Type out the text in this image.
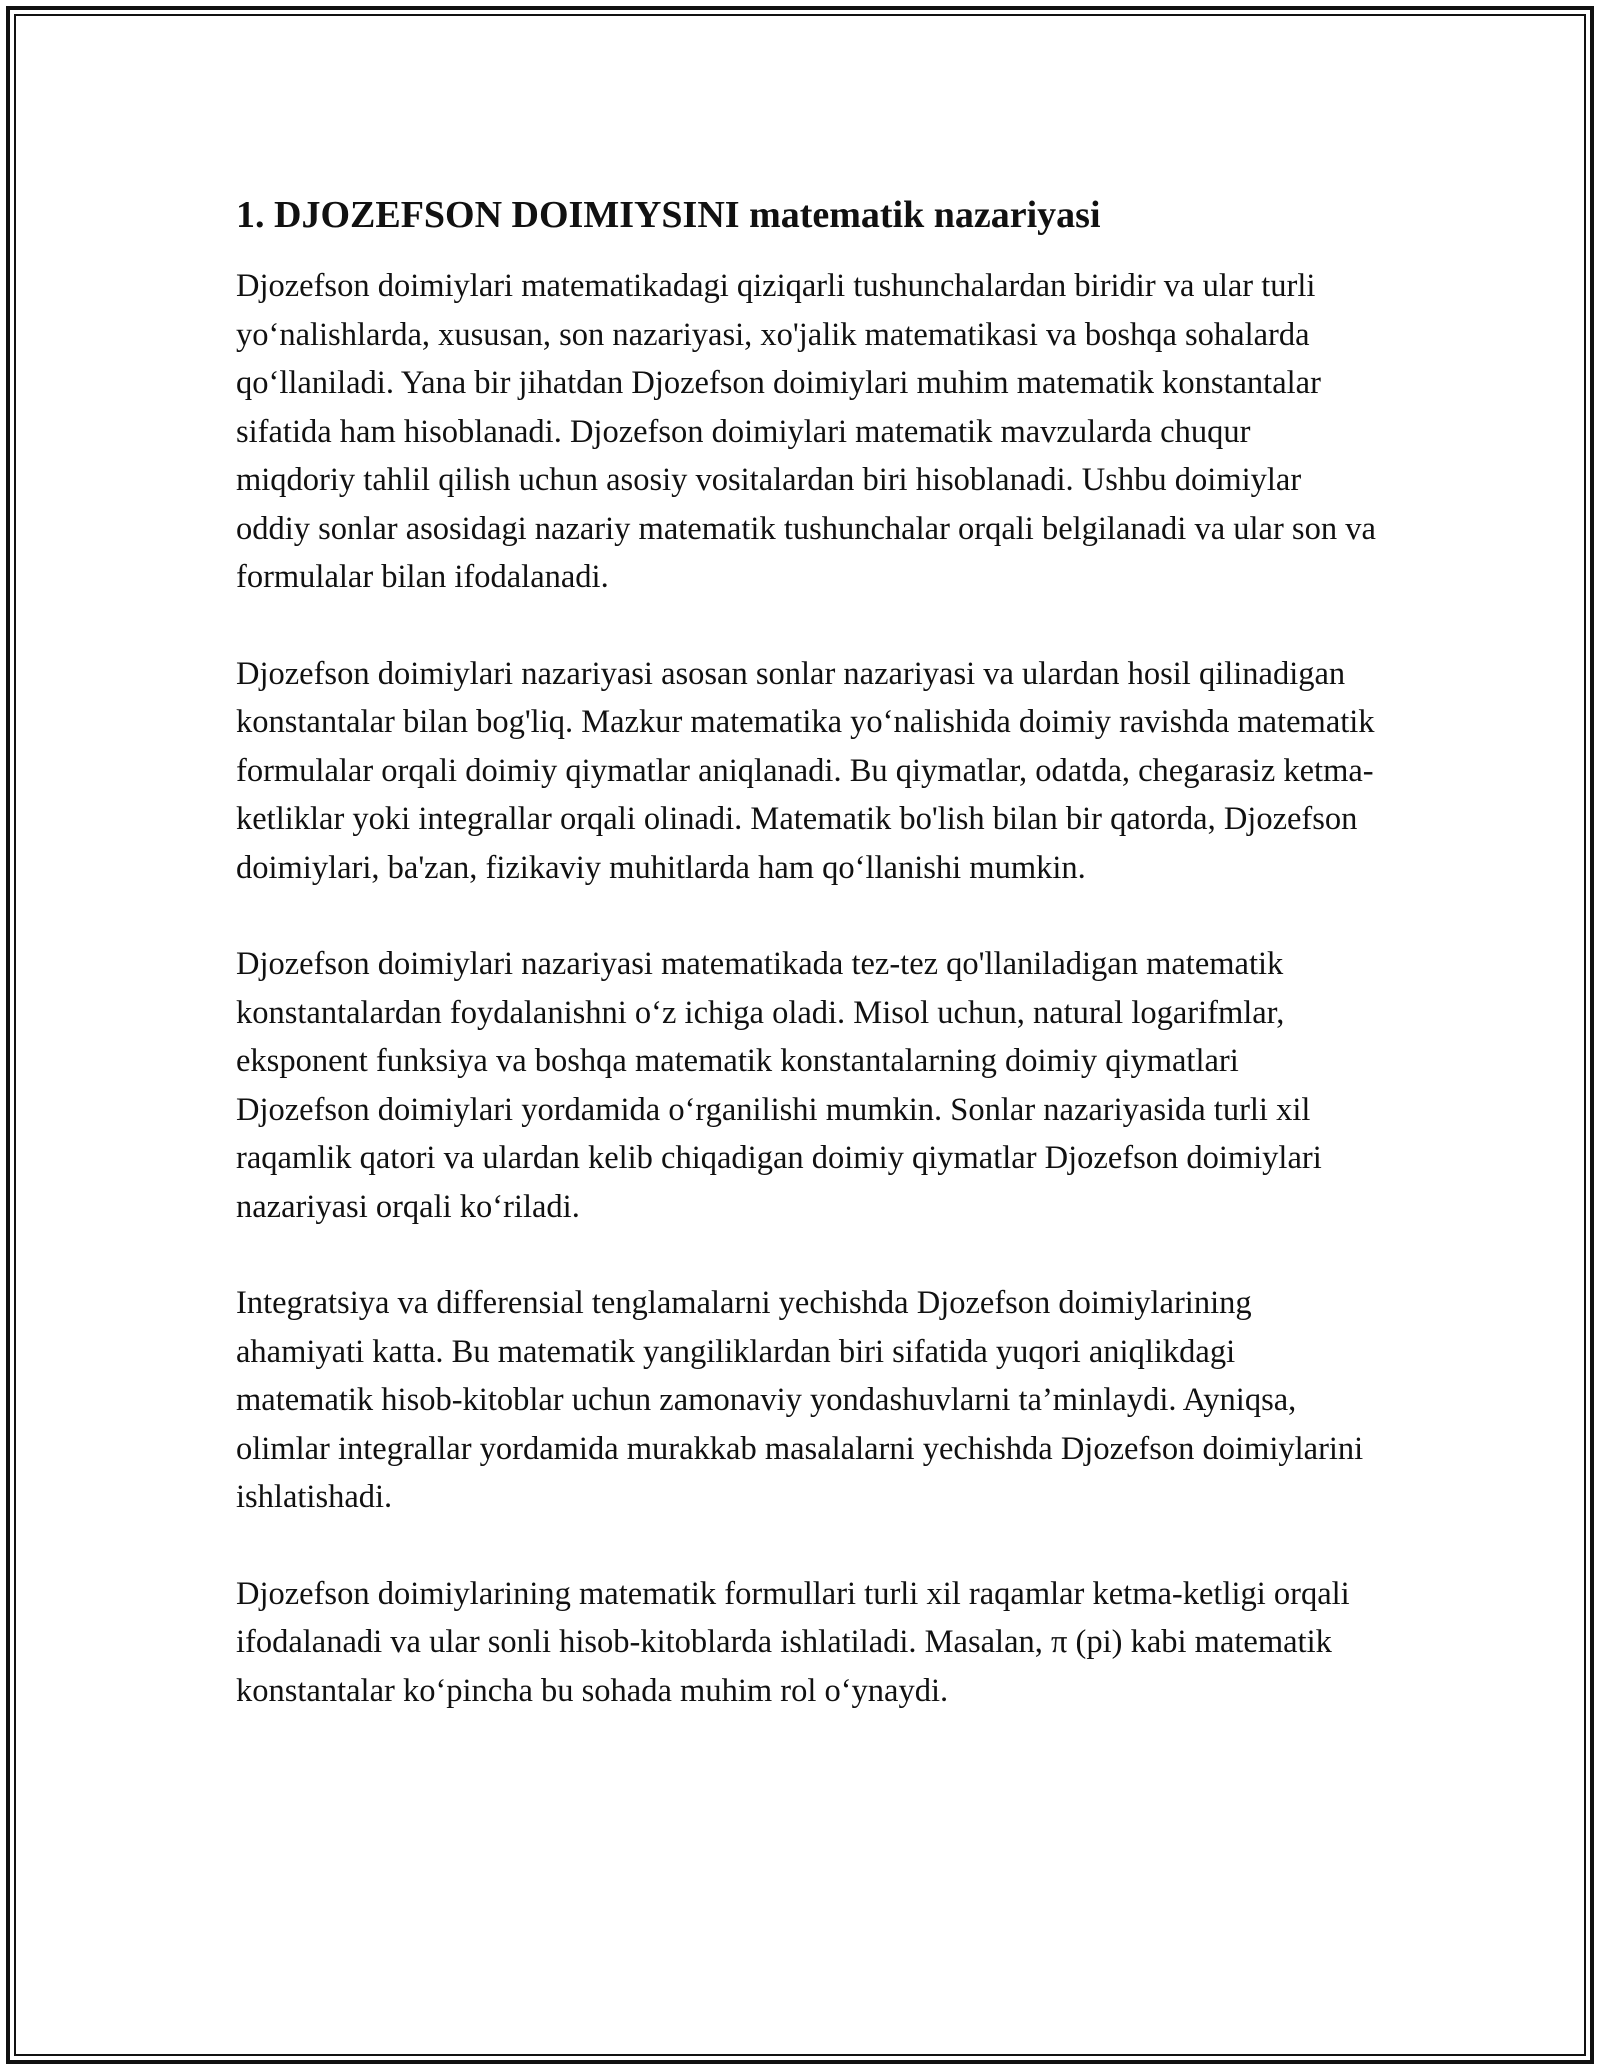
1. DJOZEFSON DOIMIYSINI matematik nazariyasi

Djozefson doimiylari matematikadagi qiziqarli tushunchalardan biridir va ular turli yo‘nalishlarda, xususan, son nazariyasi, xo'jalik matematikasi va boshqa sohalarda qo‘llaniladi. Yana bir jihatdan Djozefson doimiylari muhim matematik konstantalar sifatida ham hisoblanadi. Djozefson doimiylari matematik mavzularda chuqur miqdoriy tahlil qilish uchun asosiy vositalardan biri hisoblanadi. Ushbu doimiylar oddiy sonlar asosidagi nazariy matematik tushunchalar orqali belgilanadi va ular son va formulalar bilan ifodalanadi.

Djozefson doimiylari nazariyasi asosan sonlar nazariyasi va ulardan hosil qilinadigan konstantalar bilan bog'liq. Mazkur matematika yo‘nalishida doimiy ravishda matematik formulalar orqali doimiy qiymatlar aniqlanadi. Bu qiymatlar, odatda, chegarasiz ketma-ketliklar yoki integrallar orqali olinadi. Matematik bo'lish bilan bir qatorda, Djozefson doimiylari, ba'zan, fizikaviy muhitlarda ham qo‘llanishi mumkin.

Djozefson doimiylari nazariyasi matematikada tez-tez qo'llaniladigan matematik konstantalardan foydalanishni o‘z ichiga oladi. Misol uchun, natural logarifmlar, eksponent funksiya va boshqa matematik konstantalarning doimiy qiymatlari Djozefson doimiylari yordamida o‘rganilishi mumkin. Sonlar nazariyasida turli xil raqamlik qatori va ulardan kelib chiqadigan doimiy qiymatlar Djozefson doimiylari nazariyasi orqali ko‘riladi.

Integratsiya va differensial tenglamalarni yechishda Djozefson doimiylarining ahamiyati katta. Bu matematik yangiliklardan biri sifatida yuqori aniqlikdagi matematik hisob-kitoblar uchun zamonaviy yondashuvlarni ta’minlaydi. Ayniqsa, olimlar integrallar yordamida murakkab masalalarni yechishda Djozefson doimiylarini ishlatishadi.

Djozefson doimiylarining matematik formullari turli xil raqamlar ketma-ketligi orqali ifodalanadi va ular sonli hisob-kitoblarda ishlatiladi. Masalan, π (pi) kabi matematik konstantalar ko‘pincha bu sohada muhim rol o‘ynaydi.
